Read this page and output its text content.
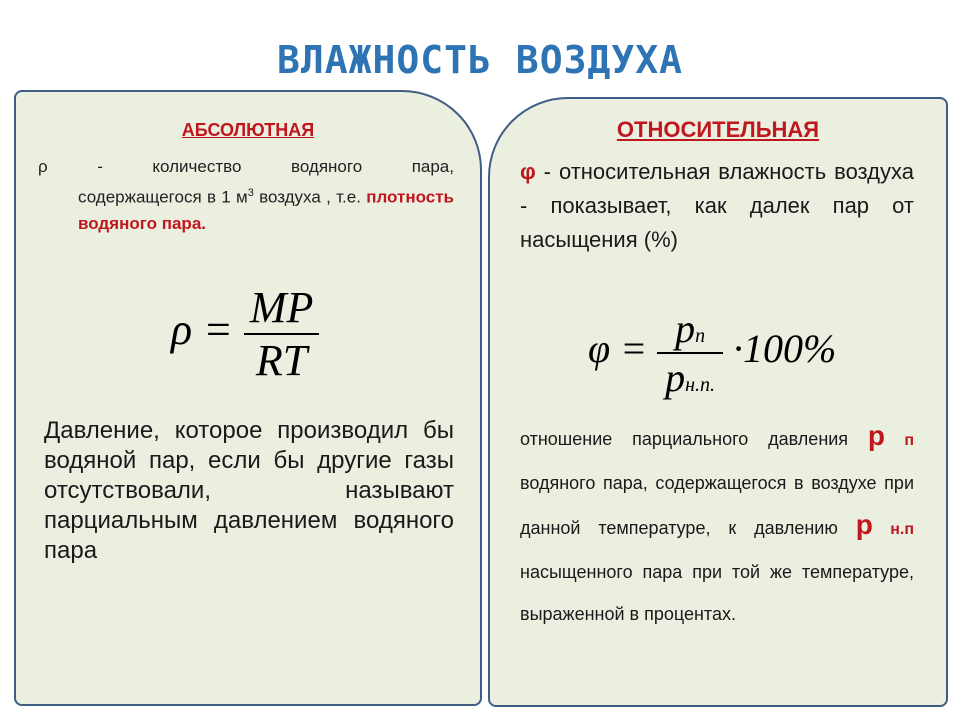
ВЛАЖНОСТЬ ВОЗДУХА
АБСОЛЮТНАЯ
ρ - количество водяного пара,
содержащегося в 1 $м^3$ воздуха , т.е. плотность водяного пара.
$\rho = \frac{MP}{RT}$
Давление, которое производил бы водяной пар, если бы другие газы отсутствовали, называют парциальным давлением водяного пара
ОТНОСИТЕЛЬНАЯ
φ - относительная влажность воздуха - показывает, как далек пар от насыщения (%)
$\varphi = \frac{pп}{pн.п.} \cdot 100\%$
отношение парциального давления p п водяного пара, содержащегося в воздухе при данной температуре, к давлению p н.п насыщенного пара при той же температуре, выраженной в процентах.
